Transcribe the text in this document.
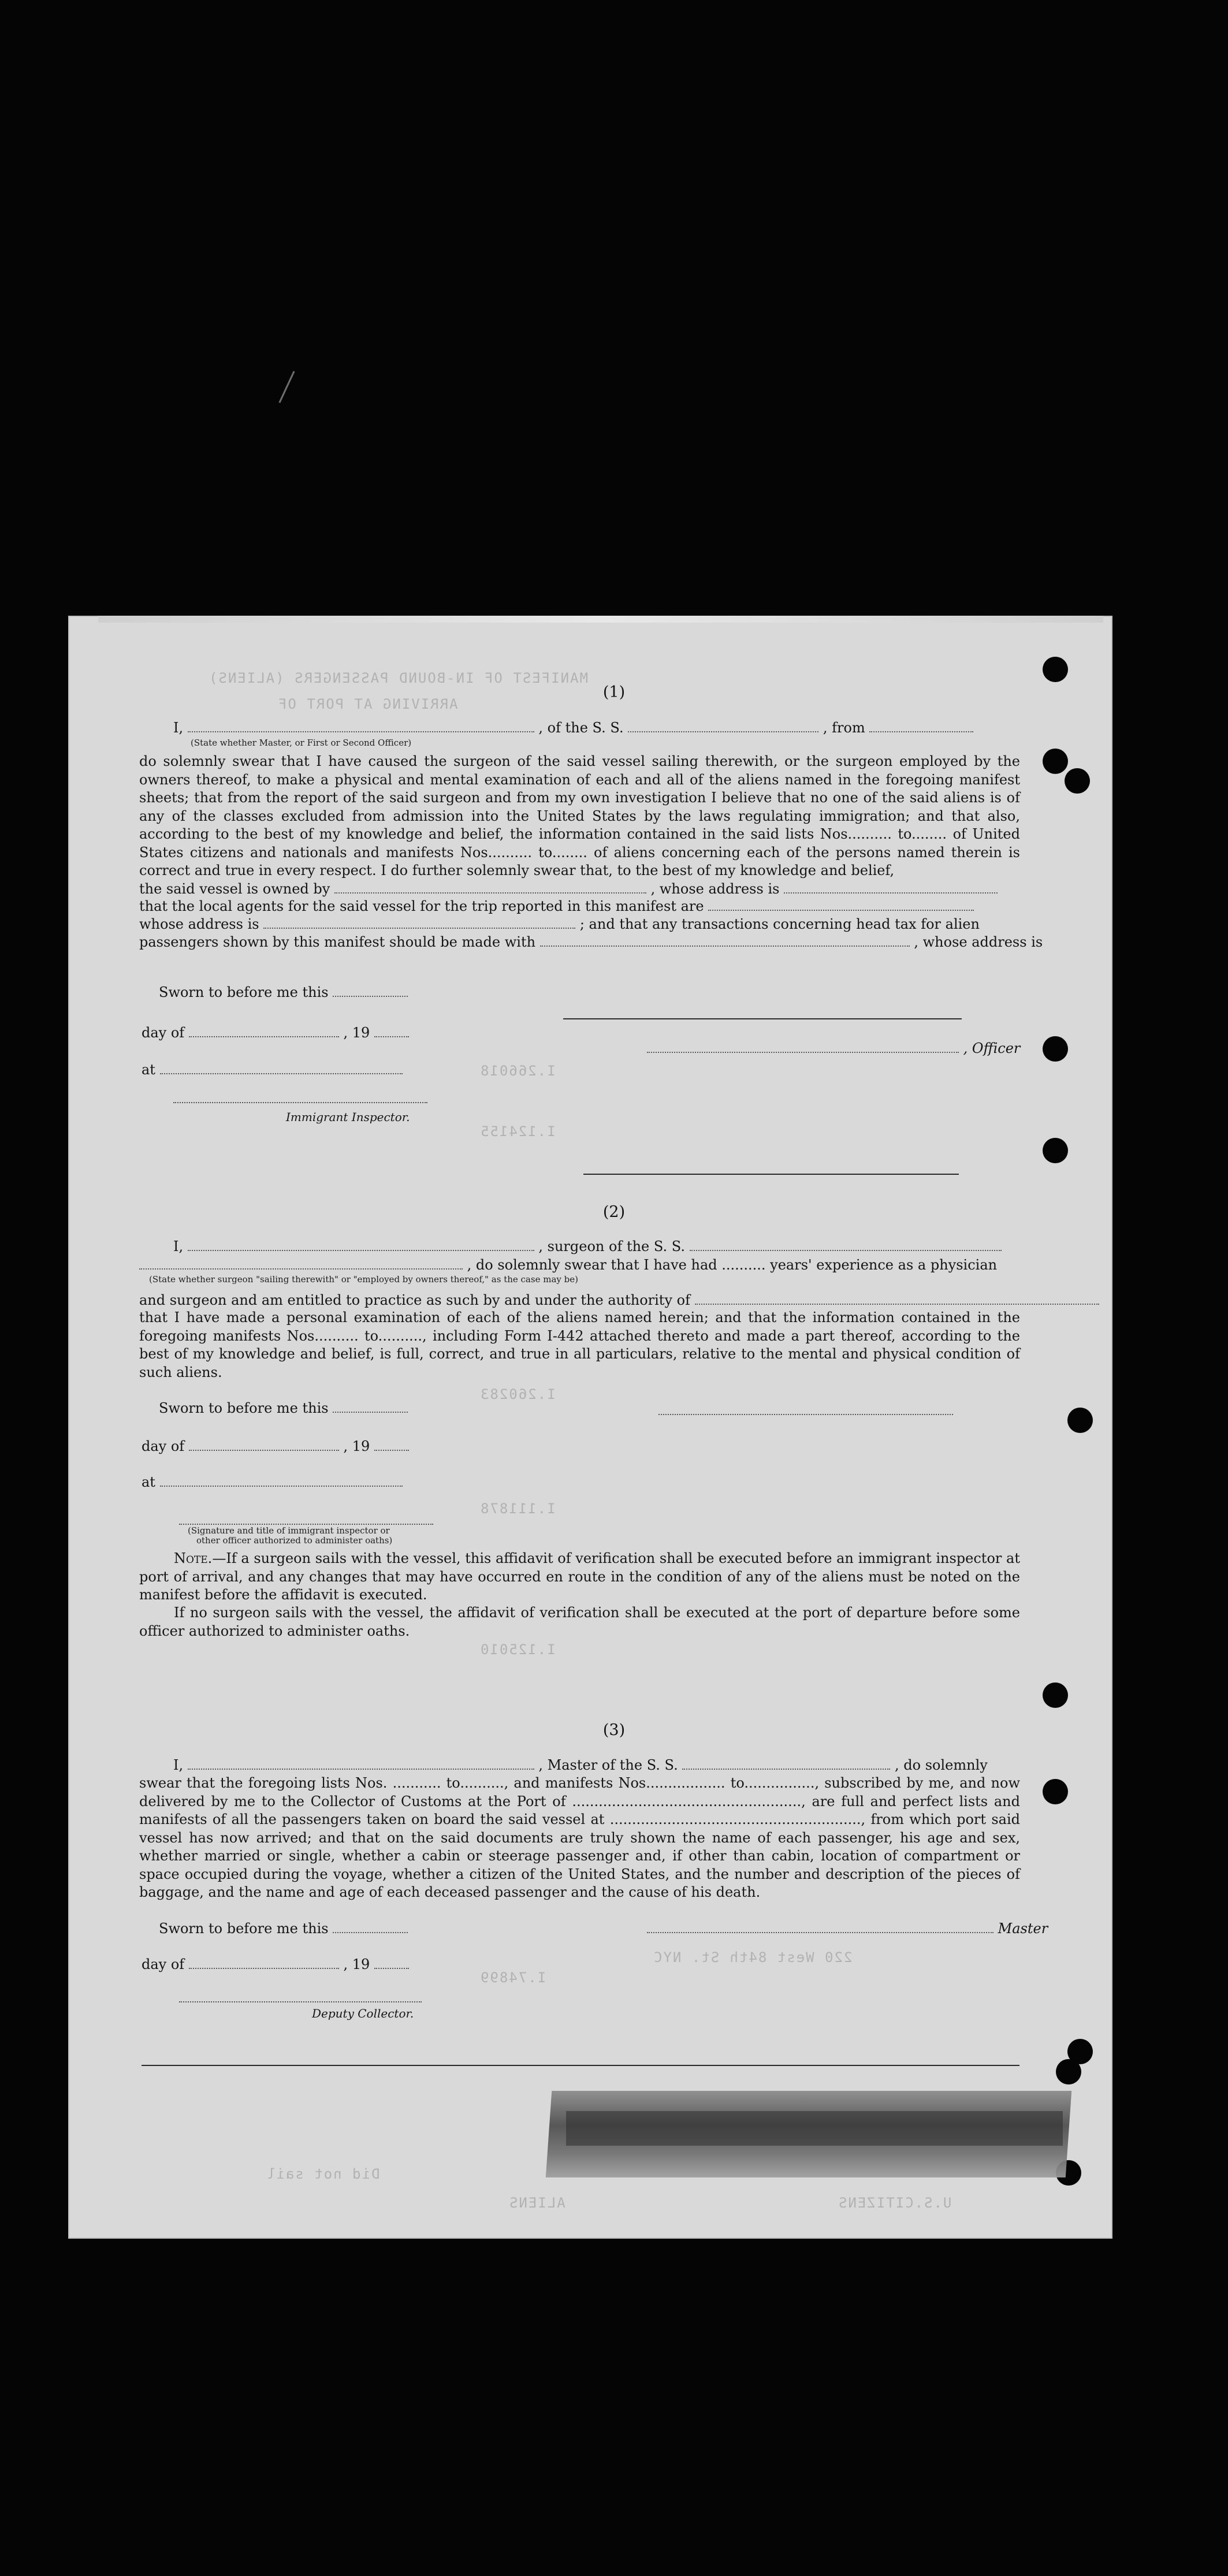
MANIFEST OF IN-BOUND PASSENGERS (ALIENS)
ARRIVING AT PORT OF
I.266018
I.124155
I.260283
I.111878
I.125010
I.74899
220 West 84th St. NYC
Did not sail
U.S.CITIZENS
ALIENS
(1)
I,	, of the S. S.	, from
(State whether Master, or First or Second Officer)
do solemnly swear that I have caused the surgeon of the said vessel sailing therewith, or the surgeon employed by the owners thereof, to make a physical and mental examination of each and all of the aliens named in the foregoing manifest sheets; that from the report of the said surgeon and from my own investigation I believe that no one of the said aliens is of any of the classes excluded from admission into the United States by the laws regulating immigration; and that also, according to the best of my knowledge and belief, the information contained in the said lists Nos.......... to........ of United States citizens and nationals and manifests Nos.......... to........ of aliens concerning each of the persons named therein is correct and true in every respect. I do further solemnly swear that, to the best of my knowledge and belief,
the said vessel is owned by	, whose address is
that the local agents for the said vessel for the trip reported in this manifest are
whose address is	; and that any transactions concerning head tax for alien
passengers shown by this manifest should be made with	, whose address is
Sworn to before me this
day of	, 19
, Officer
at
Immigrant Inspector.
(2)
I,	, surgeon of the S. S.
, do solemnly swear that I have had .......... years' experience as a physician
(State whether surgeon "sailing therewith" or "employed by owners thereof," as the case may be)
and surgeon and am entitled to practice as such by and under the authority of
that I have made a personal examination of each of the aliens named herein; and that the information contained in the foregoing manifests Nos.......... to.........., including Form I-442 attached thereto and made a part thereof, according to the best of my knowledge and belief, is full, correct, and true in all particulars, relative to the mental and physical condition of such aliens.
Sworn to before me this
day of	, 19
at
(Signature and title of immigrant inspector or
other officer authorized to administer oaths)
Note.—If a surgeon sails with the vessel, this affidavit of verification shall be executed before an immigrant inspector at port of arrival, and any changes that may have occurred en route in the condition of any of the aliens must be noted on the manifest before the affidavit is executed.
If no surgeon sails with the vessel, the affidavit of verification shall be executed at the port of departure before some officer authorized to administer oaths.
(3)
I,	, Master of the S. S.	, do solemnly
swear that the foregoing lists Nos. ........... to.........., and manifests Nos.................. to................, subscribed by me, and now delivered by me to the Collector of Customs at the Port of ...................................................., are full and perfect lists and manifests of all the passengers taken on board the said vessel at ........................................................., from which port said vessel has now arrived; and that on the said documents are truly shown the name of each passenger, his age and sex, whether married or single, whether a cabin or steerage passenger and, if other than cabin, location of compartment or space occupied during the voyage, whether a citizen of the United States, and the number and description of the pieces of baggage, and the name and age of each deceased passenger and the cause of his death.
Sworn to before me this	Master
day of	, 19
Deputy Collector.
